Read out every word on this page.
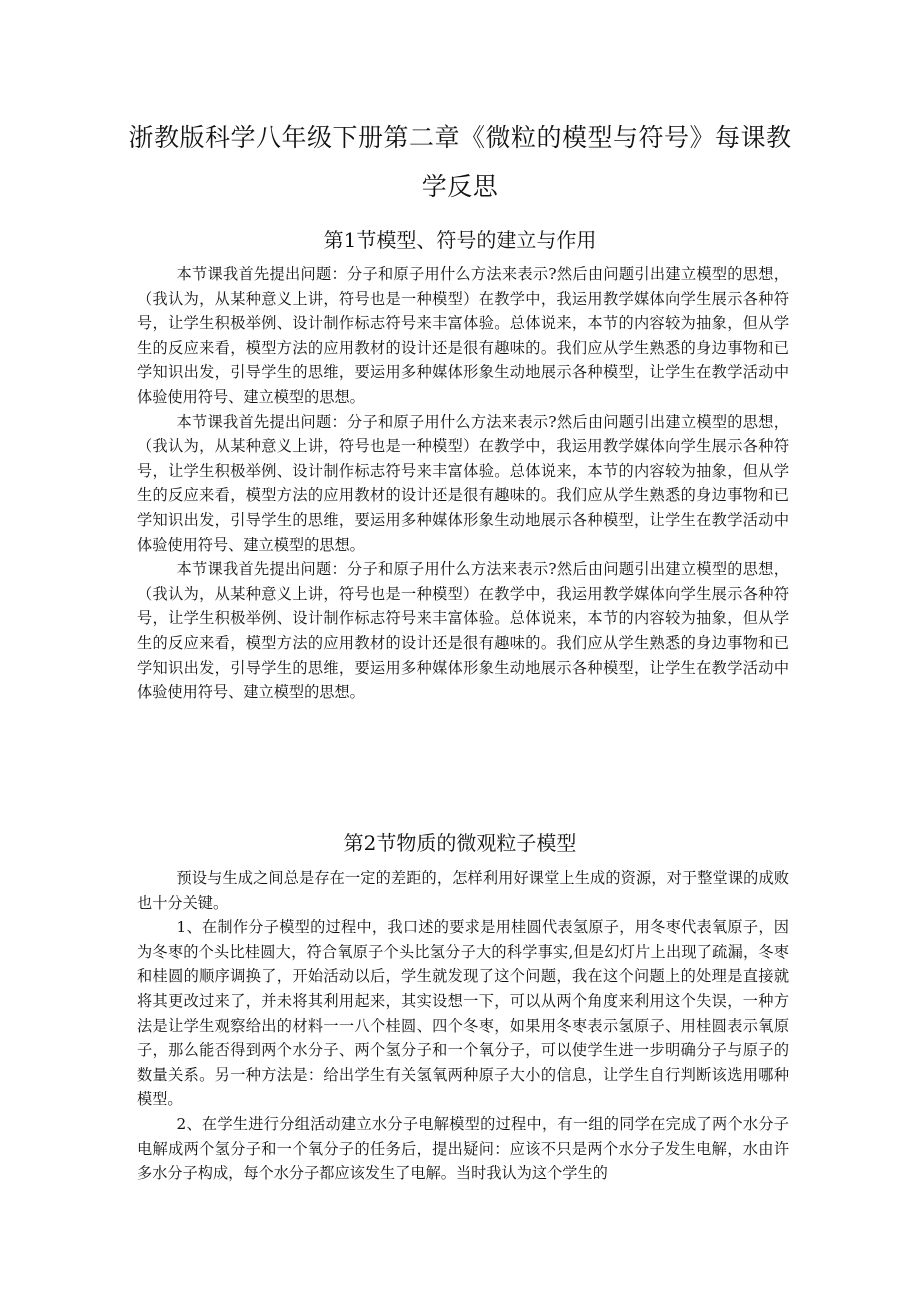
浙教版科学八年级下册第二章《微粒的模型与符号》每课教
学反思
第1节模型、符号的建立与作用

本节课我首先提出问题：分子和原子用什么方法来表示?然后由问题引出建立模型的思想，（我认为，从某种意义上讲，符号也是一种模型）在教学中，我运用教学媒体向学生展示各种符号，让学生积极举例、设计制作标志符号来丰富体验。总体说来，本节的内容较为抽象，但从学生的反应来看，模型方法的应用教材的设计还是很有趣味的。我们应从学生熟悉的身边事物和已学知识出发，引导学生的思维，要运用多种媒体形象生动地展示各种模型，让学生在教学活动中体验使用符号、建立模型的思想。

本节课我首先提出问题：分子和原子用什么方法来表示?然后由问题引出建立模型的思想，（我认为，从某种意义上讲，符号也是一种模型）在教学中，我运用教学媒体向学生展示各种符号，让学生积极举例、设计制作标志符号来丰富体验。总体说来，本节的内容较为抽象，但从学生的反应来看，模型方法的应用教材的设计还是很有趣味的。我们应从学生熟悉的身边事物和已学知识出发，引导学生的思维，要运用多种媒体形象生动地展示各种模型，让学生在教学活动中体验使用符号、建立模型的思想。

本节课我首先提出问题：分子和原子用什么方法来表示?然后由问题引出建立模型的思想，（我认为，从某种意义上讲，符号也是一种模型）在教学中，我运用教学媒体向学生展示各种符号，让学生积极举例、设计制作标志符号来丰富体验。总体说来，本节的内容较为抽象，但从学生的反应来看，模型方法的应用教材的设计还是很有趣味的。我们应从学生熟悉的身边事物和已学知识出发，引导学生的思维，要运用多种媒体形象生动地展示各种模型，让学生在教学活动中体验使用符号、建立模型的思想。

第2节物质的微观粒子模型

预设与生成之间总是存在一定的差距的，怎样利用好课堂上生成的资源，对于整堂课的成败也十分关键。

1、在制作分子模型的过程中，我口述的要求是用桂圆代表氢原子，用冬枣代表氧原子，因为冬枣的个头比桂圆大，符合氧原子个头比氢分子大的科学事实,但是幻灯片上出现了疏漏，冬枣和桂圆的顺序调换了，开始活动以后，学生就发现了这个问题，我在这个问题上的处理是直接就将其更改过来了，并未将其利用起来，其实设想一下，可以从两个角度来利用这个失误，一种方法是让学生观察给出的材料一一八个桂圆、四个冬枣，如果用冬枣表示氢原子、用桂圆表示氧原子，那么能否得到两个水分子、两个氢分子和一个氧分子，可以使学生进一步明确分子与原子的数量关系。另一种方法是：给出学生有关氢氧两种原子大小的信息，让学生自行判断该选用哪种模型。

2、在学生进行分组活动建立水分子电解模型的过程中，有一组的同学在完成了两个水分子电解成两个氢分子和一个氧分子的任务后，提出疑问：应该不只是两个水分子发生电解，水由许多水分子构成，每个水分子都应该发生了电解。当时我认为这个学生的
